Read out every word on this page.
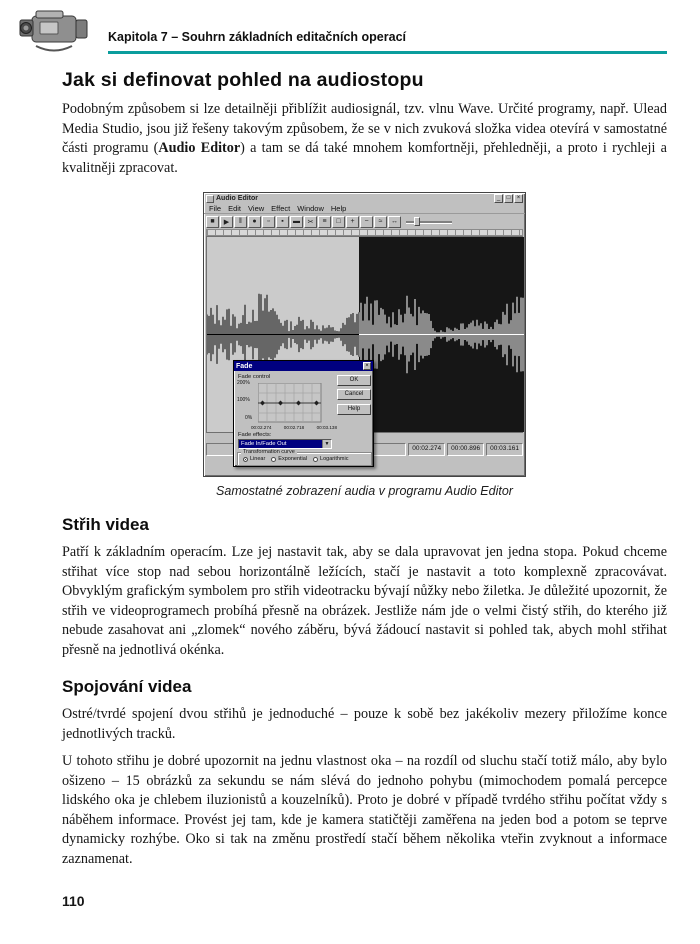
Kapitola 7 – Souhrn základních editačních operací
Jak si definovat pohled na audiostopu

Podobným způsobem si lze detailněji přiblížit audiosignál, tzv. vlnu Wave. Určité programy, např. Ulead Media Studio, jsou již řešeny takovým způsobem, že se v nich zvuková složka videa otevírá v samostatné části programu (Audio Editor) a tam se dá také mnohem komfortněji, přehledněji, a proto i rychleji a kvalitněji zpracovat.

Audio Editor	_	□	×
File Edit View Effect Window Help
■	▶	‖	●	▫	▪	▬	✂	≡	□	+	−	≈	↔
Fade	×
Fade control
200%
100%
0%
00:02.274	00:02.718	00:03.138
OK
Cancel
Help
Fade effects:
Fade In/Fade Out	▼
Transformation curve
Linear Exponential Logarithmic
00:02.274	00:00.896	00:03.161
Samostatné zobrazení audia v programu Audio Editor
Střih videa

Patří k základním operacím. Lze jej nastavit tak, aby se dala upravovat jen jedna stopa. Pokud chceme střihat více stop nad sebou horizontálně ležících, stačí je nastavit a toto komplexně zpracovávat. Obvyklým grafickým symbolem pro střih videotracku bývají nůžky nebo žiletka. Je důležité upozornit, že střih ve videoprogramech probíhá přesně na obrázek. Jestliže nám jde o velmi čistý střih, do kterého již nebude zasahovat ani „zlomek“ nového záběru, bývá žádoucí nastavit si pohled tak, abych mohl střihat přesně na jednotlivá okénka.

Spojování videa

Ostré/tvrdé spojení dvou střihů je jednoduché – pouze k sobě bez jakékoliv mezery přiložíme konce jednotlivých tracků.

U tohoto střihu je dobré upozornit na jednu vlastnost oka – na rozdíl od sluchu stačí totiž málo, aby bylo ošizeno – 15 obrázků za sekundu se nám slévá do jednoho pohybu (mimochodem pomalá percepce lidského oka je chlebem iluzionistů a kouzelníků). Proto je dobré v případě tvrdého střihu počítat vždy s náběhem informace. Provést jej tam, kde je kamera statičtěji zaměřena na jeden bod a potom se teprve dynamicky rozhýbe. Oko si tak na změnu prostředí stačí během několika vteřin zvyknout a informace zaznamenat.

110
